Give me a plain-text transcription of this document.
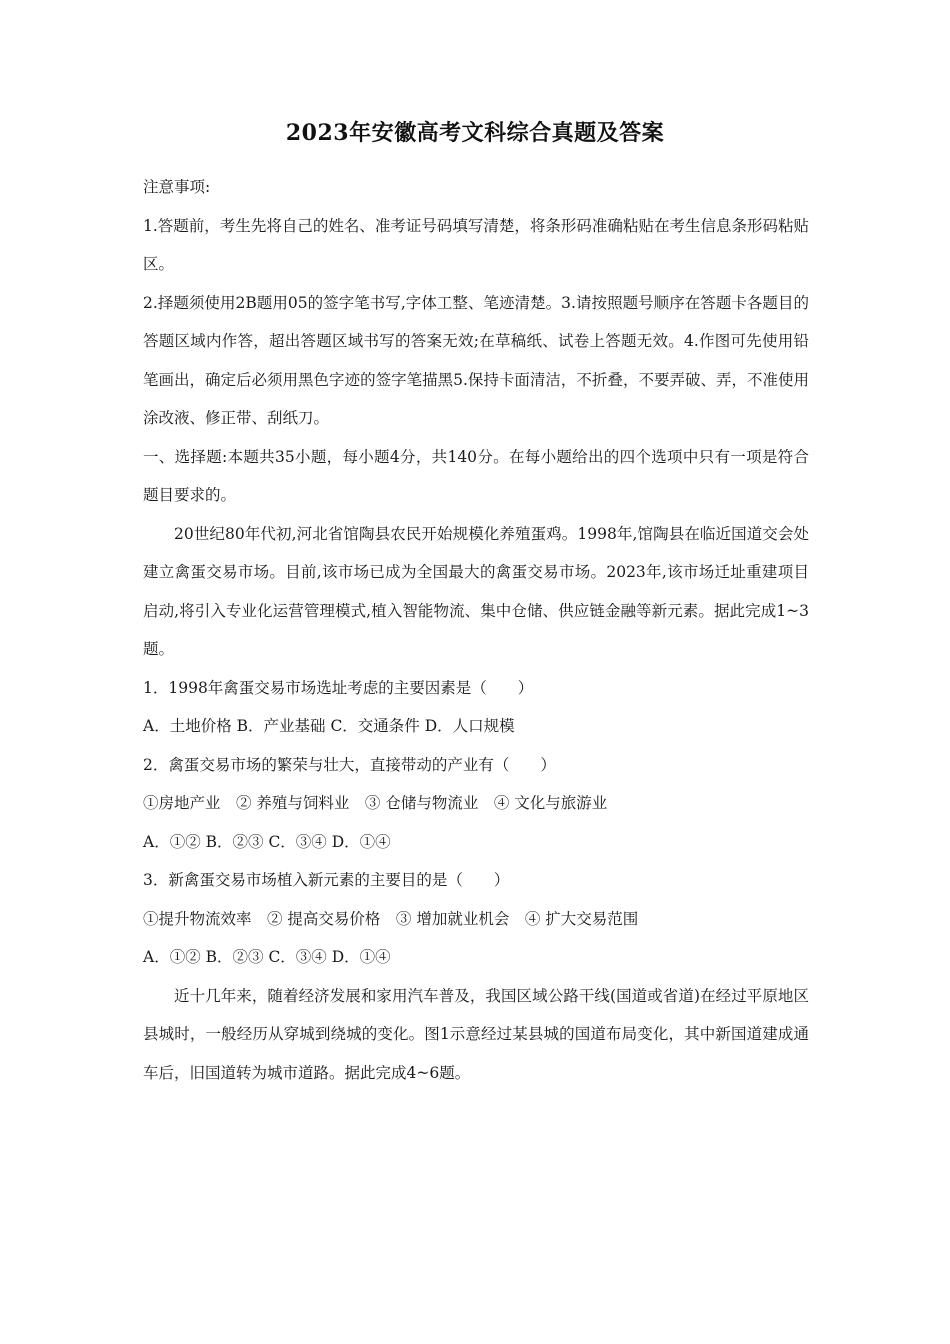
2023年安徽高考文科综合真题及答案

注意事项:

1.答题前，考生先将自己的姓名、准考证号码填写清楚，将条形码准确粘贴在考生信息条形码粘贴区。

2.择题须使用2B题用05的签字笔书写,字体工整、笔迹清楚。3.请按照题号顺序在答题卡各题目的答题区域内作答，超出答题区域书写的答案无效;在草稿纸、试卷上答题无效。4.作图可先使用铅笔画出，确定后必须用黑色字迹的签字笔描黑5.保持卡面清洁，不折叠，不要弄破、弄，不准使用涂改液、修正带、刮纸刀。

一、选择题:本题共35小题，每小题4分，共140分。在每小题给出的四个选项中只有一项是符合题目要求的。

20世纪80年代初,河北省馆陶县农民开始规模化养殖蛋鸡。1998年,馆陶县在临近国道交会处建立禽蛋交易市场。目前,该市场已成为全国最大的禽蛋交易市场。2023年,该市场迁址重建项目启动,将引入专业化运营管理模式,植入智能物流、集中仓储、供应链金融等新元素。据此完成1~3题。

1．1998年禽蛋交易市场选址考虑的主要因素是（　　）

A．土地价格 B．产业基础 C．交通条件 D．人口规模

2．禽蛋交易市场的繁荣与壮大，直接带动的产业有（　　）

①房地产业　② 养殖与饲料业　③ 仓储与物流业　④ 文化与旅游业

A．①② B．②③ C．③④ D．①④

3．新禽蛋交易市场植入新元素的主要目的是（　　）

①提升物流效率　② 提高交易价格　③ 增加就业机会　④ 扩大交易范围

A．①② B．②③ C．③④ D．①④

近十几年来，随着经济发展和家用汽车普及，我国区域公路干线(国道或省道)在经过平原地区县城时，一般经历从穿城到绕城的变化。图1示意经过某县城的国道布局变化，其中新国道建成通车后，旧国道转为城市道路。据此完成4~6题。
